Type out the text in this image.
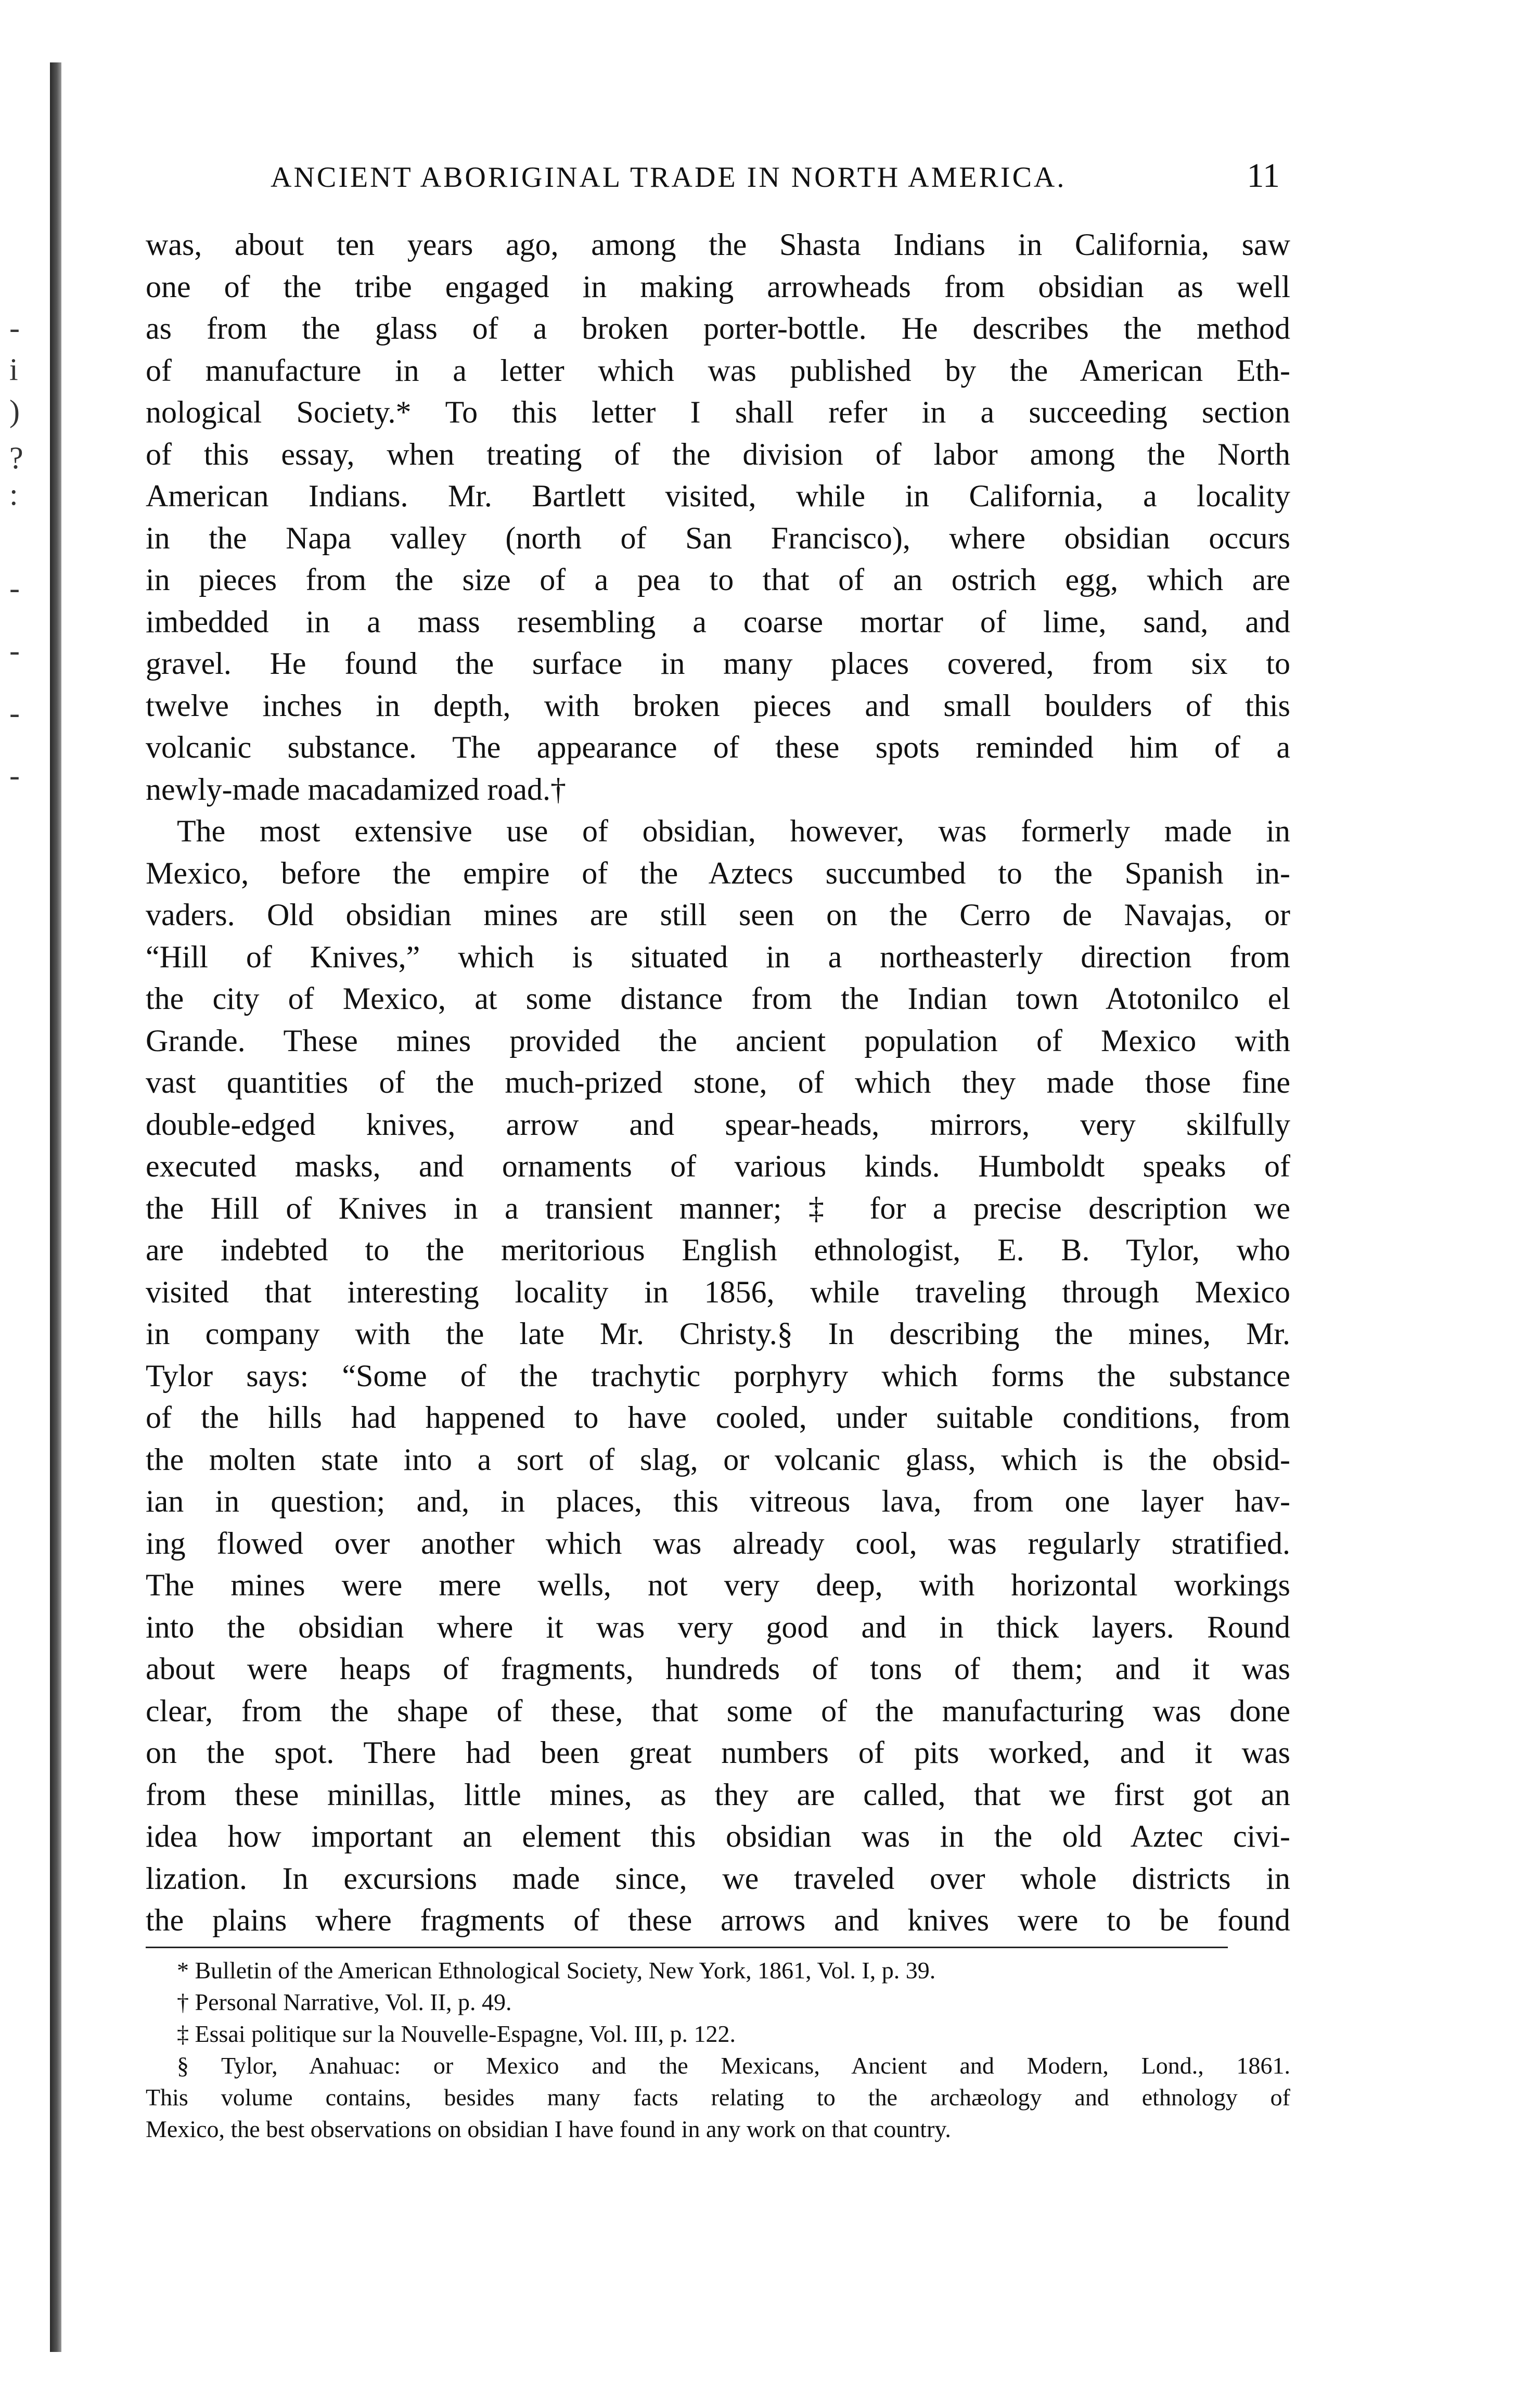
-
i
)
?
:
-
-
-
-
ANCIENT ABORIGINAL TRADE IN NORTH AMERICA.	11
was, about ten years ago, among the Shasta Indians in California, saw
one of the tribe engaged in making arrowheads from obsidian as well
as from the glass of a broken porter-bottle. He describes the method
of manufacture in a letter which was published by the American Eth-
nological Society.* To this letter I shall refer in a succeeding section
of this essay, when treating of the division of labor among the North
American Indians. Mr. Bartlett visited, while in California, a locality
in the Napa valley (north of San Francisco), where obsidian occurs
in pieces from the size of a pea to that of an ostrich egg, which are
imbedded in a mass resembling a coarse mortar of lime, sand, and
gravel. He found the surface in many places covered, from six to
twelve inches in depth, with broken pieces and small boulders of this
volcanic substance. The appearance of these spots reminded him of a
newly-made macadamized road.†
The most extensive use of obsidian, however, was formerly made in
Mexico, before the empire of the Aztecs succumbed to the Spanish in-
vaders. Old obsidian mines are still seen on the Cerro de Navajas, or
“Hill of Knives,” which is situated in a northeasterly direction from
the city of Mexico, at some distance from the Indian town Atotonilco el
Grande. These mines provided the ancient population of Mexico with
vast quantities of the much-prized stone, of which they made those fine
double-edged knives, arrow and spear-heads, mirrors, very skilfully
executed masks, and ornaments of various kinds. Humboldt speaks of
the Hill of Knives in a transient manner; ‡ for a precise description we
are indebted to the meritorious English ethnologist, E. B. Tylor, who
visited that interesting locality in 1856, while traveling through Mexico
in company with the late Mr. Christy.§ In describing the mines, Mr.
Tylor says: “Some of the trachytic porphyry which forms the substance
of the hills had happened to have cooled, under suitable conditions, from
the molten state into a sort of slag, or volcanic glass, which is the obsid-
ian in question; and, in places, this vitreous lava, from one layer hav-
ing flowed over another which was already cool, was regularly stratified.
The mines were mere wells, not very deep, with horizontal workings
into the obsidian where it was very good and in thick layers. Round
about were heaps of fragments, hundreds of tons of them; and it was
clear, from the shape of these, that some of the manufacturing was done
on the spot. There had been great numbers of pits worked, and it was
from these minillas, little mines, as they are called, that we first got an
idea how important an element this obsidian was in the old Aztec civi-
lization. In excursions made since, we traveled over whole districts in
the plains where fragments of these arrows and knives were to be found
* Bulletin of the American Ethnological Society, New York, 1861, Vol. I, p. 39.
† Personal Narrative, Vol. II, p. 49.
‡ Essai politique sur la Nouvelle-Espagne, Vol. III, p. 122.
§ Tylor, Anahuac: or Mexico and the Mexicans, Ancient and Modern, Lond., 1861.
This volume contains, besides many facts relating to the archæology and ethnology of
Mexico, the best observations on obsidian I have found in any work on that country.
